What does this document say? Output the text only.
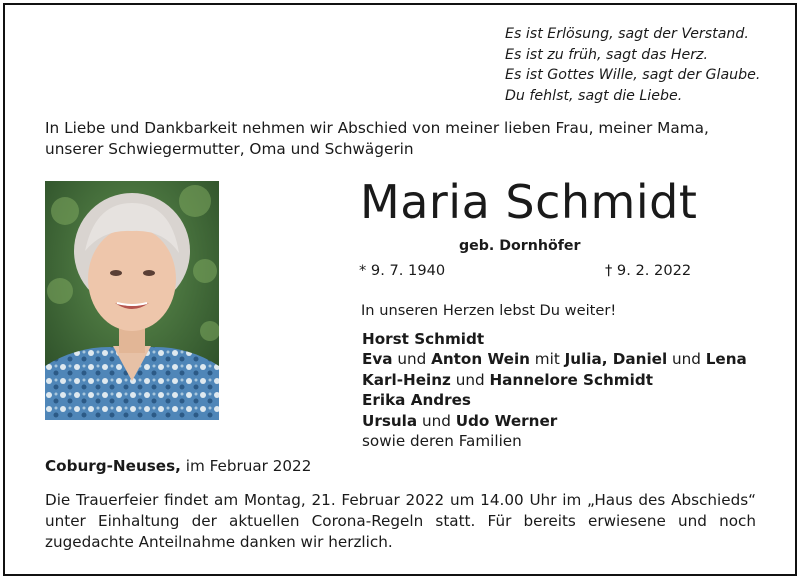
Es ist Erlösung, sagt der Verstand.
Es ist zu früh, sagt das Herz.
Es ist Gottes Wille, sagt der Glaube.
Du fehlst, sagt die Liebe.
In Liebe und Dankbarkeit nehmen wir Abschied von meiner lieben Frau, meiner Mama, unserer Schwiegermutter, Oma und Schwägerin
Maria Schmidt
geb. Dornhöfer
* 9. 7. 1940	† 9. 2. 2022
In unseren Herzen lebst Du weiter!
Horst Schmidt
Eva und Anton Wein mit Julia, Daniel und Lena
Karl-Heinz und Hannelore Schmidt
Erika Andres
Ursula und Udo Werner
sowie deren Familien
Coburg-Neuses, im Februar 2022
Die Trauerfeier findet am Montag, 21. Februar 2022 um 14.00 Uhr im „Haus des Abschieds“ unter Einhaltung der aktuellen Corona-Regeln statt. Für bereits erwiesene und noch zugedachte Anteilnahme danken wir herzlich.
